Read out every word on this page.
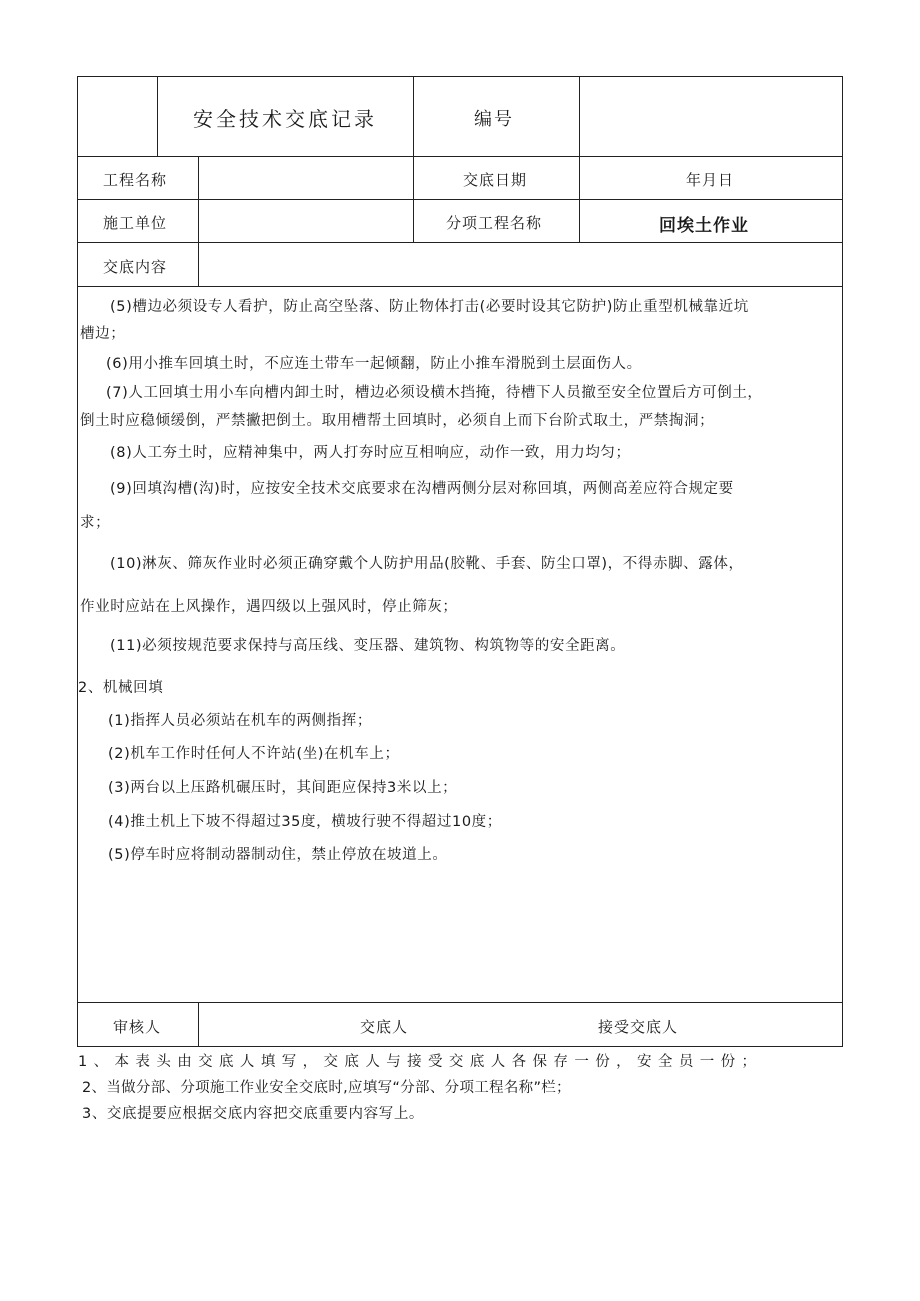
安全技术交底记录	编号
工程名称	交底日期	年月日
施工单位	分项工程名称	回埃土作业
交底内容
(5)槽边必须设专人看护，防止高空坠落、防止物体打击(必要时设其它防护)防止重型机械靠近坑
槽边；
(6)用小推车回填土时，不应连土带车一起倾翻，防止小推车滑脱到土层面伤人。
(7)人工回填士用小车向槽内卸土时，槽边必须设横木挡掩，待槽下人员撤至安全位置后方可倒土，
倒土时应稳倾缓倒，严禁撇把倒土。取用槽帮土回填时，必须自上而下台阶式取土，严禁掏洞；
(8)人工夯土时，应精神集中，两人打夯时应互相响应，动作一致，用力均匀；
(9)回填沟槽(沟)时，应按安全技术交底要求在沟槽两侧分层对称回填，两侧高差应符合规定要
求；
(10)淋灰、筛灰作业时必须正确穿戴个人防护用品(胶靴、手套、防尘口罩)，不得赤脚、露体，
作业时应站在上风操作，遇四级以上强风时，停止筛灰；
(11)必须按规范要求保持与高压线、变压器、建筑物、构筑物等的安全距离。
2、机械回填
(1)指挥人员必须站在机车的两侧指挥；
(2)机车工作时任何人不许站(坐)在机车上；
(3)两台以上压路机碾压时，其间距应保持3米以上；
(4)推土机上下坡不得超过35度，横坡行驶不得超过10度；
(5)停车时应将制动器制动住，禁止停放在坡道上。
审核人	交底人	接受交底人
1、本表头由交底人填写，交底人与接受交底人各保存一份，安全员一份；
2、当做分部、分项施工作业安全交底时,应填写“分部、分项工程名称”栏；
3、交底提要应根据交底内容把交底重要内容写上。
